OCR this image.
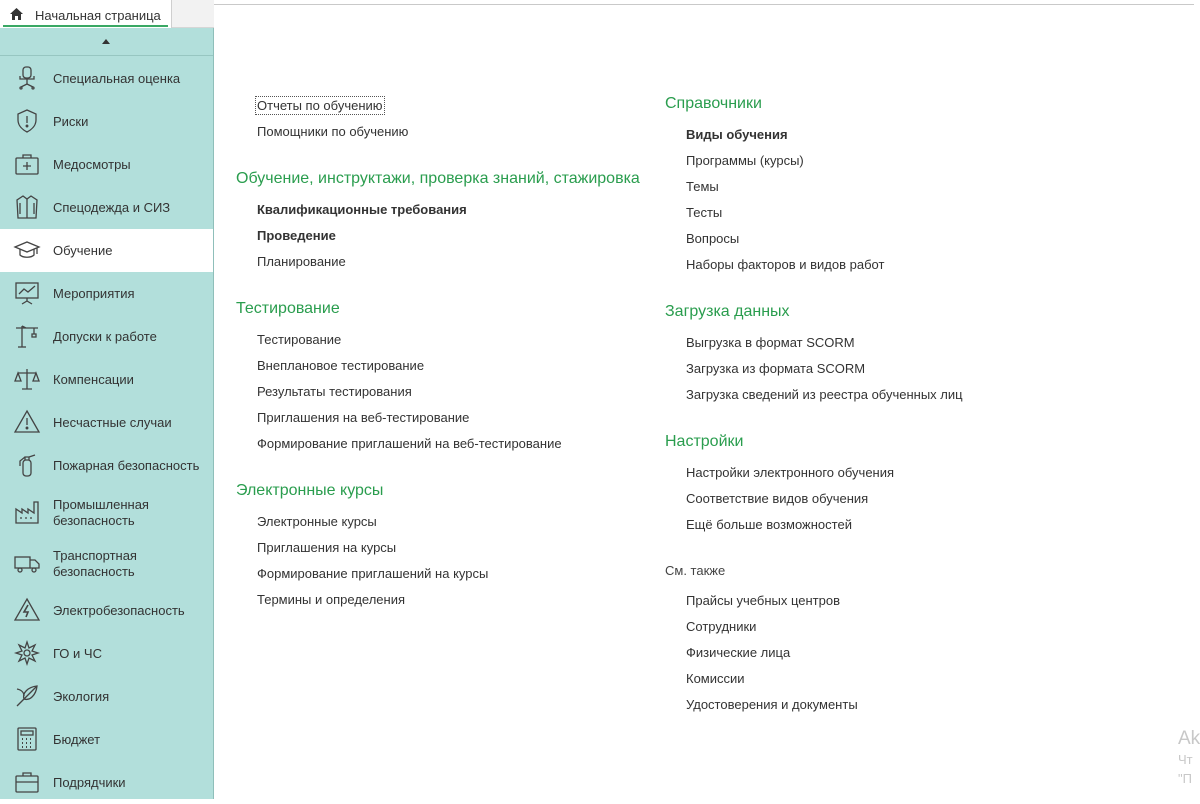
Начальная страница
Специальная оценка
Риски
Медосмотры
Спецодежда и СИЗ
Обучение
Мероприятия
Допуски к работе
Компенсации
Несчастные случаи
Пожарная безопасность
Промышленная безопасность
Транспортная безопасность
Электробезопасность
ГО и ЧС
Экология
Бюджет
Подрядчики
Отчеты по обучению
Помощники по обучению
Обучение, инструктажи, проверка знаний, стажировка
Квалификационные требования
Проведение
Планирование
Тестирование
Тестирование
Внеплановое тестирование
Результаты тестирования
Приглашения на веб-тестирование
Формирование приглашений на веб-тестирование
Электронные курсы
Электронные курсы
Приглашения на курсы
Формирование приглашений на курсы
Термины и определения
Справочники
Виды обучения
Программы (курсы)
Темы
Тесты
Вопросы
Наборы факторов и видов работ
Загрузка данных
Выгрузка в формат SCORM
Загрузка из формата SCORM
Загрузка сведений из реестра обученных лиц
Настройки
Настройки электронного обучения
Соответствие видов обучения
Ещё больше возможностей
См. также
Прайсы учебных центров
Сотрудники
Физические лица
Комиссии
Удостоверения и документы
Ak
Чт
"П
